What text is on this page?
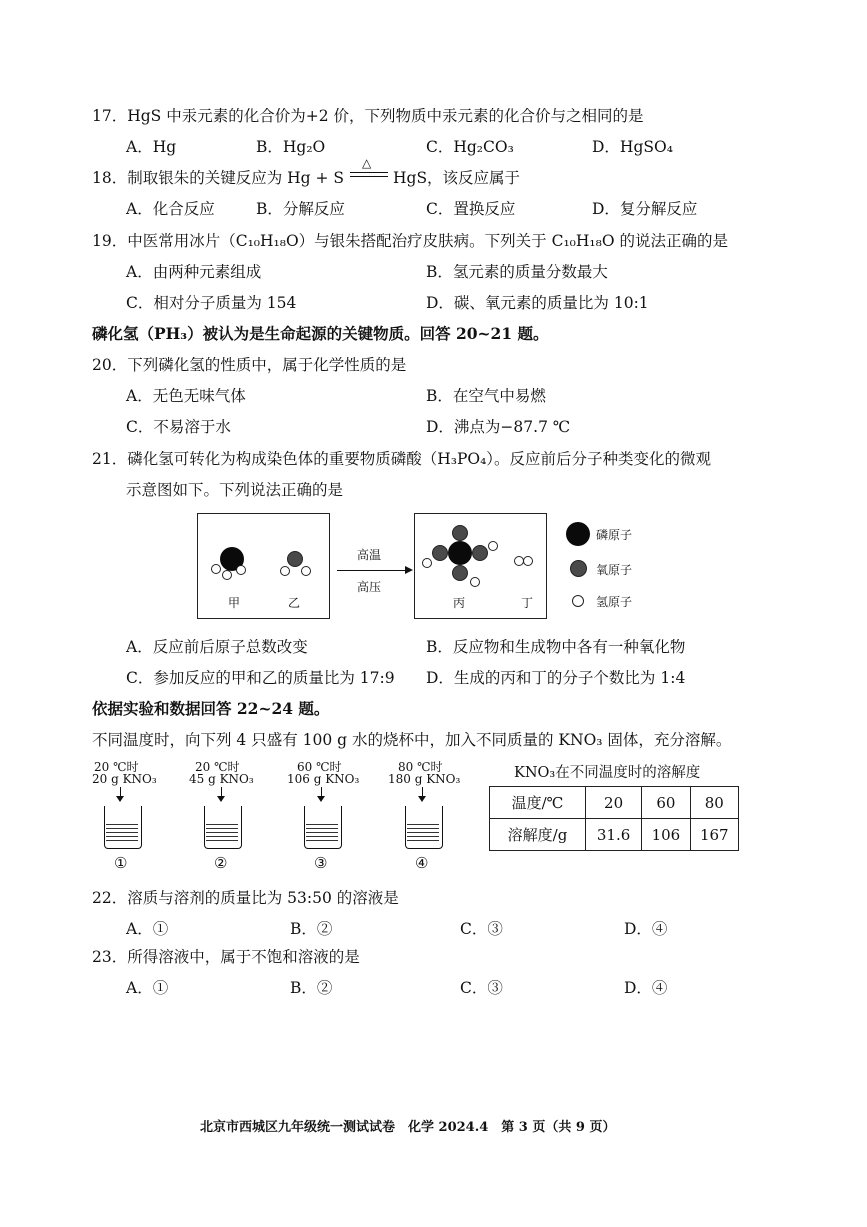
17．HgS 中汞元素的化合价为+2 价，下列物质中汞元素的化合价与之相同的是
A．Hg	B．Hg₂O	C．Hg₂CO₃	D．HgSO₄
18．制取银朱的关键反应为 Hg + S
△
HgS，该反应属于
A．化合反应	B．分解反应	C．置换反应	D．复分解反应
19．中医常用冰片（C₁₀H₁₈O）与银朱搭配治疗皮肤病。下列关于 C₁₀H₁₈O 的说法正确的是
A．由两种元素组成	B．氢元素的质量分数最大
C．相对分子质量为 154	D．碳、氧元素的质量比为 10:1
磷化氢（PH₃）被认为是生命起源的关键物质。回答 20~21 题。
20．下列磷化氢的性质中，属于化学性质的是
A．无色无味气体	B．在空气中易燃
C．不易溶于水	D．沸点为−87.7 ℃
21．磷化氢可转化为构成染色体的重要物质磷酸（H₃PO₄）。反应前后分子种类变化的微观
示意图如下。下列说法正确的是
甲	乙
高温
高压
丙	丁
磷原子
氧原子
氢原子
A．反应前后原子总数改变	B．反应物和生成物中各有一种氧化物
C．参加反应的甲和乙的质量比为 17:9 D．生成的丙和丁的分子个数比为 1:4
依据实验和数据回答 22~24 题。
不同温度时，向下列 4 只盛有 100 g 水的烧杯中，加入不同质量的 KNO₃ 固体，充分溶解。
20 ℃时
20 g KNO₃
①
20 ℃时
45 g KNO₃
②
60 ℃时
106 g KNO₃
③
80 ℃时
180 g KNO₃
④
KNO₃在不同温度时的溶解度
温度/℃	20	60	80
溶解度/g	31.6	106	167
22．溶质与溶剂的质量比为 53:50 的溶液是
A．①	B．②	C．③	D．④
23．所得溶液中，属于不饱和溶液的是
A．①	B．②	C．③	D．④
北京市西城区九年级统一测试试卷　化学 2024.4　第 3 页（共 9 页）
